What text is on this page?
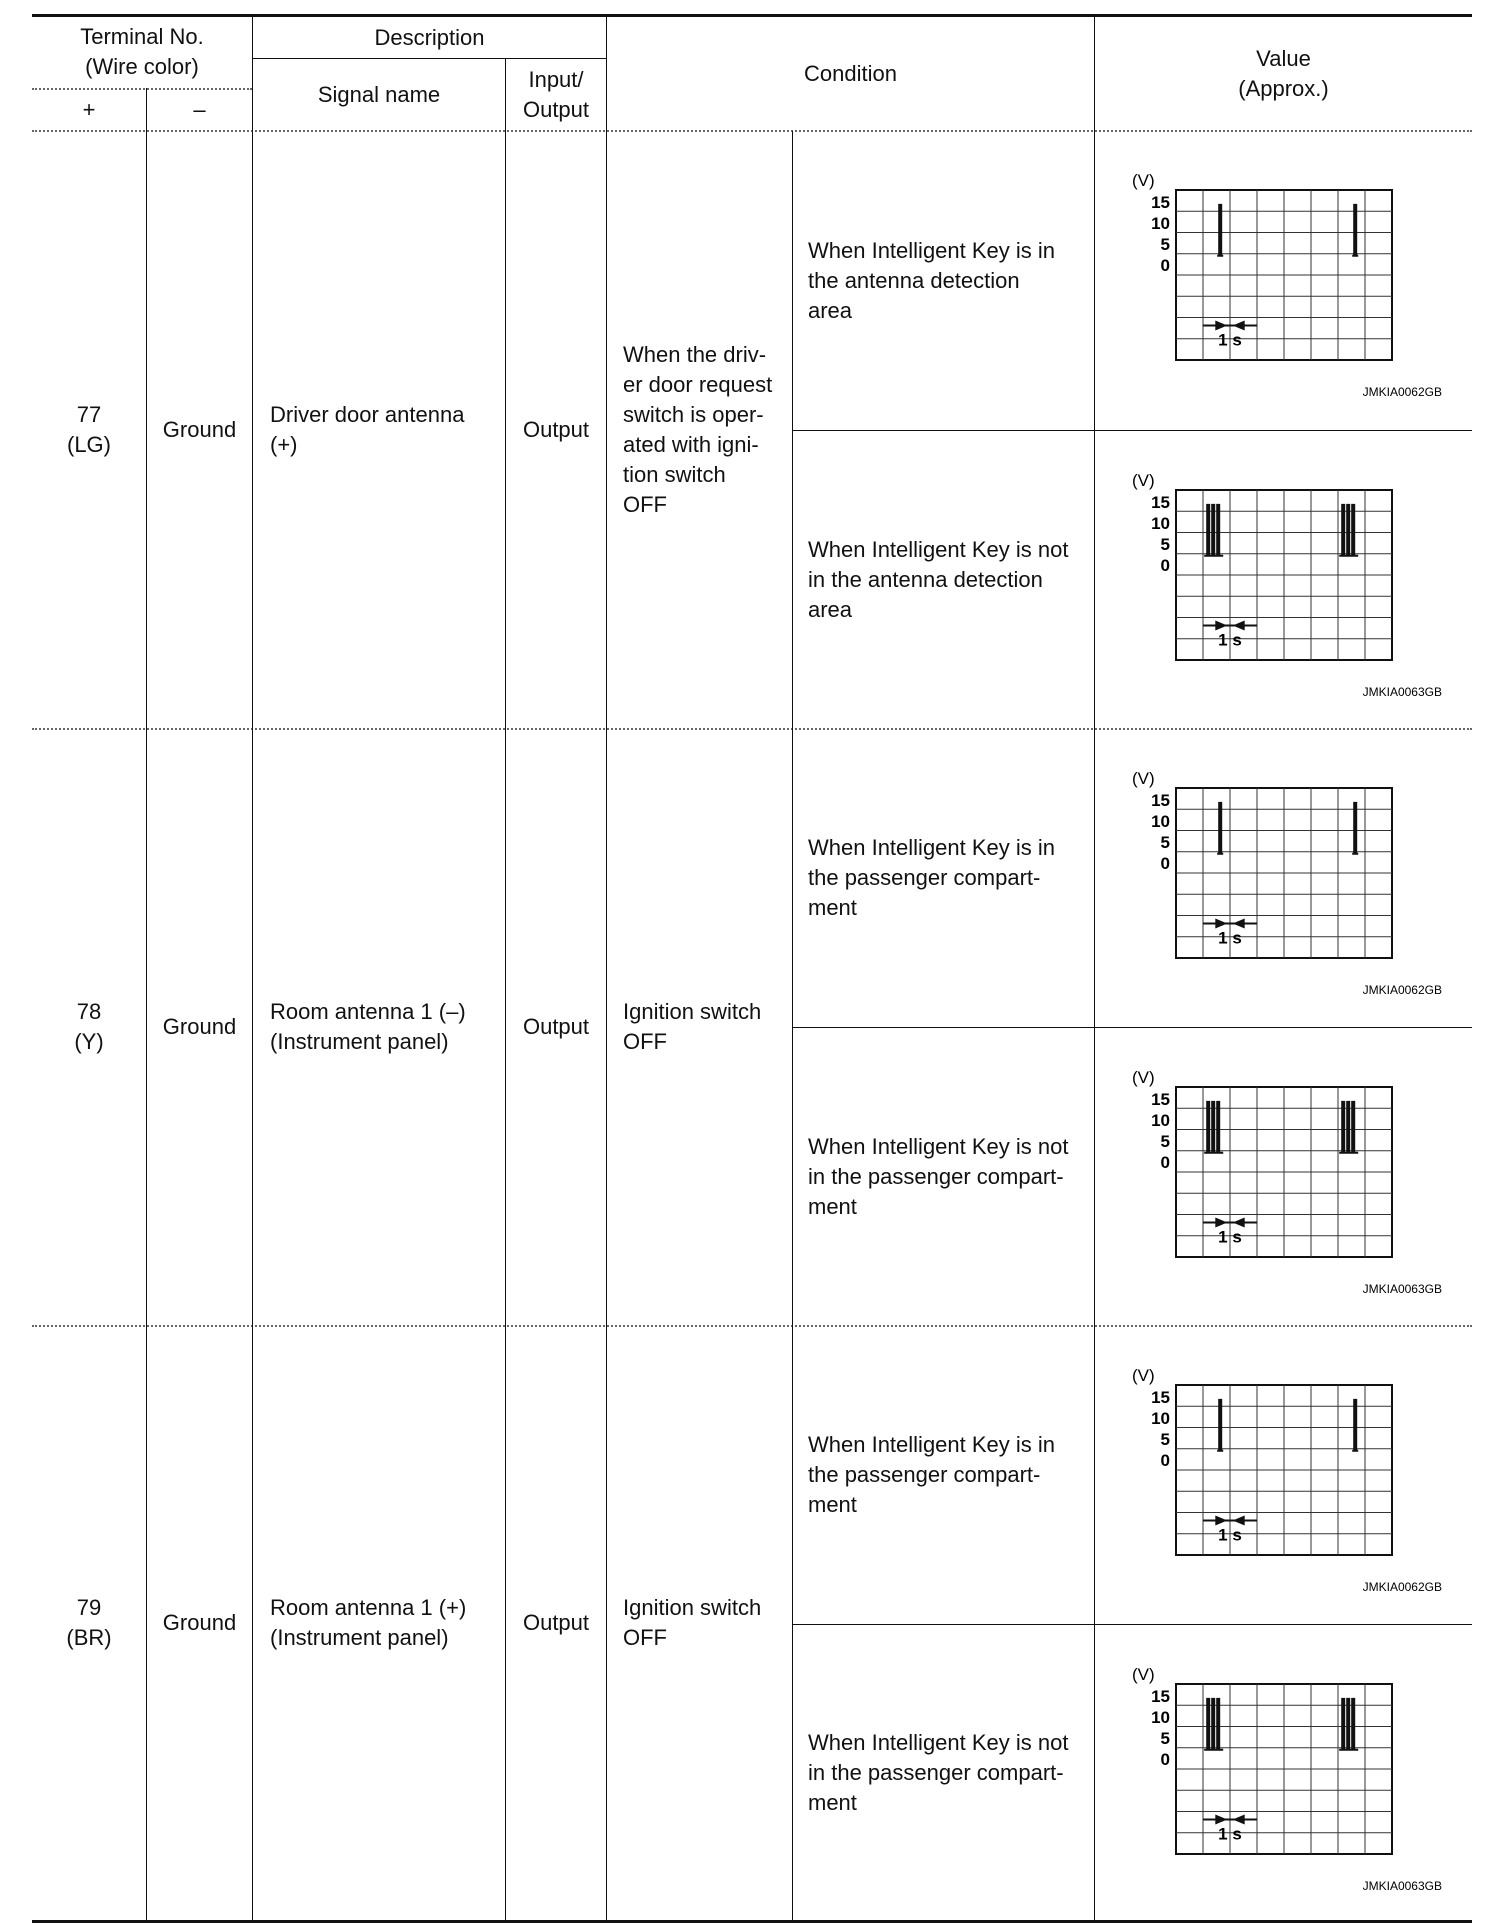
Terminal No.
(Wire color)
+	–
Description
Signal name
Input/
Output
Condition
Value
(Approx.)
77
(LG)
Ground
Driver door antenna
(+)
Output
When the driv-
er door request
switch is oper-
ated with igni-
tion switch
OFF
When Intelligent Key is in
the antenna detection
area
When Intelligent Key is not
in the antenna detection
area
78
(Y)
Ground
Room antenna 1 (–)
(Instrument panel)
Output
Ignition switch
OFF
When Intelligent Key is in
the passenger compart-
ment
When Intelligent Key is not
in the passenger compart-
ment
79
(BR)
Ground
Room antenna 1 (+)
(Instrument panel)
Output
Ignition switch
OFF
When Intelligent Key is in
the passenger compart-
ment
When Intelligent Key is not
in the passenger compart-
ment
(V)
15
10
5
0
1 s
JMKIA0062GB
(V)
15
10
5
0
1 s
JMKIA0063GB
(V)
15
10
5
0
1 s
JMKIA0062GB
(V)
15
10
5
0
1 s
JMKIA0063GB
(V)
15
10
5
0
1 s
JMKIA0062GB
(V)
15
10
5
0
1 s
JMKIA0063GB
